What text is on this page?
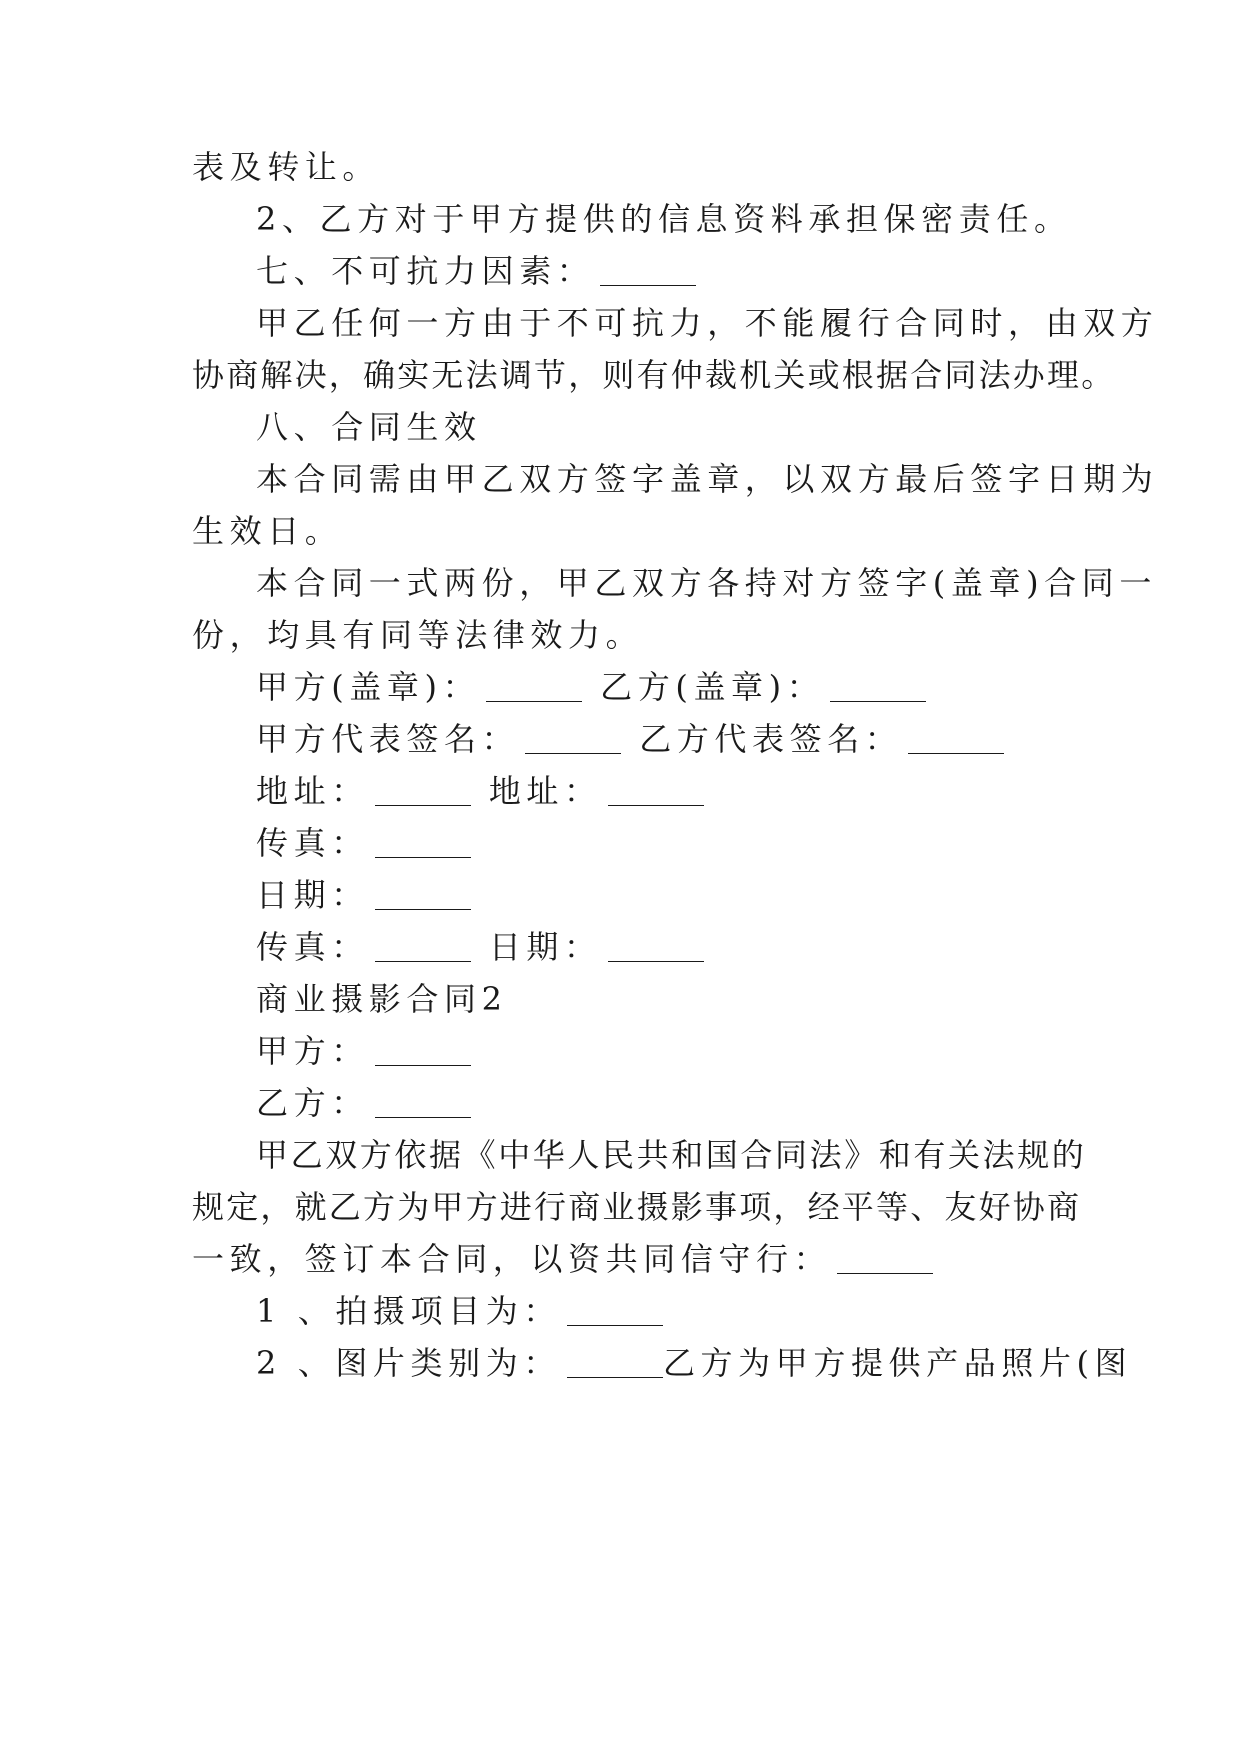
表及转让。
2、乙方对于甲方提供的信息资料承担保密责任。
七、不可抗力因素：
甲乙任何一方由于不可抗力，不能履行合同时，由双方
协商解决，确实无法调节，则有仲裁机关或根据合同法办理。
八、合同生效
本合同需由甲乙双方签字盖章，以双方最后签字日期为
生效日。
本合同一式两份，甲乙双方各持对方签字(盖章)合同一
份，均具有同等法律效力。
甲方(盖章)：	乙方(盖章)：
甲方代表签名：	乙方代表签名：
地址：	地址：
传真：
日期：
传真：	日期：
商业摄影合同2
甲方：
乙方：
甲乙双方依据《中华人民共和国合同法》和有关法规的
规定，就乙方为甲方进行商业摄影事项，经平等、友好协商
一致，签订本合同，以资共同信守行：
1 、拍摄项目为：
2 、图片类别为：	乙方为甲方提供产品照片(图
